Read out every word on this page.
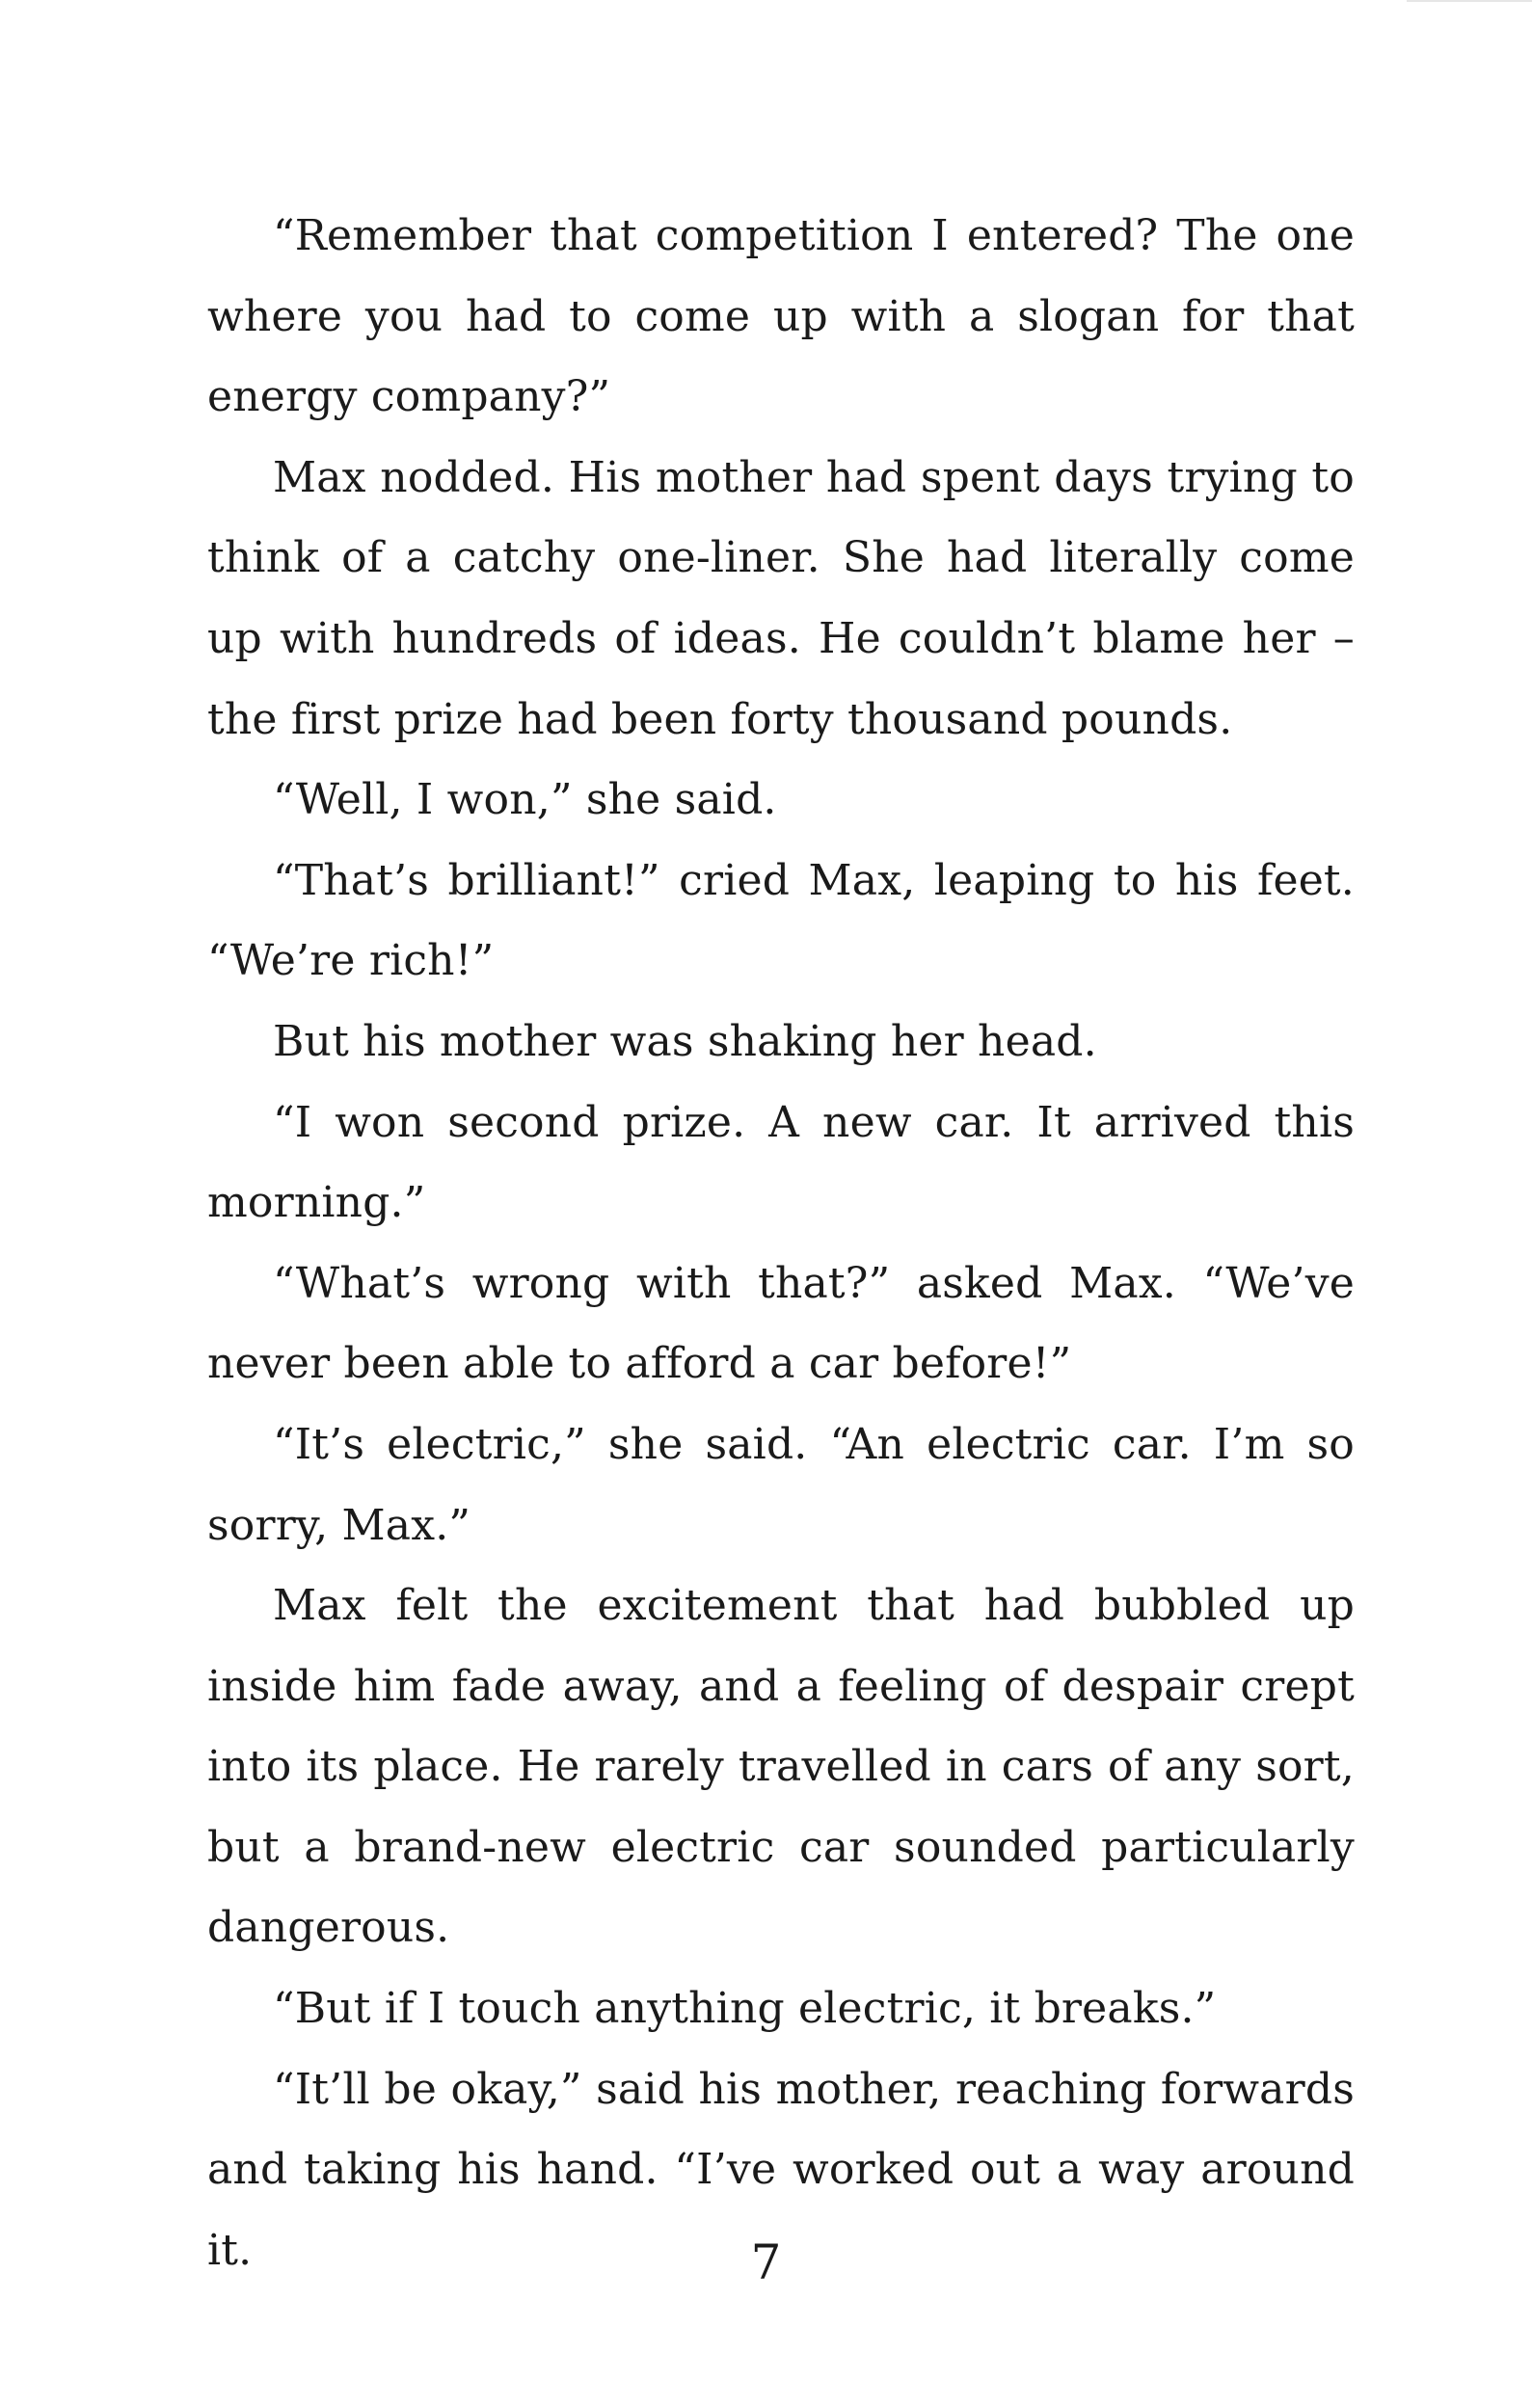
“Remember that competition I entered? The one where you had to come up with a slogan for that energy company?”

Max nodded. His mother had spent days trying to think of a catchy one-liner. She had literally come up with hundreds of ideas. He couldn’t blame her – the first prize had been forty thousand pounds.

“Well, I won,” she said.

“That’s brilliant!” cried Max, leaping to his feet. “We’re rich!”

But his mother was shaking her head.

“I won second prize. A new car. It arrived this morning.”

“What’s wrong with that?” asked Max. “We’ve never been able to afford a car before!”

“It’s electric,” she said. “An electric car. I’m so sorry, Max.”

Max felt the excitement that had bubbled up inside him fade away, and a feeling of despair crept into its place. He rarely travelled in cars of any sort, but a brand-new electric car sounded particularly dangerous.

“But if I touch anything electric, it breaks.”

“It’ll be okay,” said his mother, reaching forwards and taking his hand. “I’ve worked out a way around it.	7
